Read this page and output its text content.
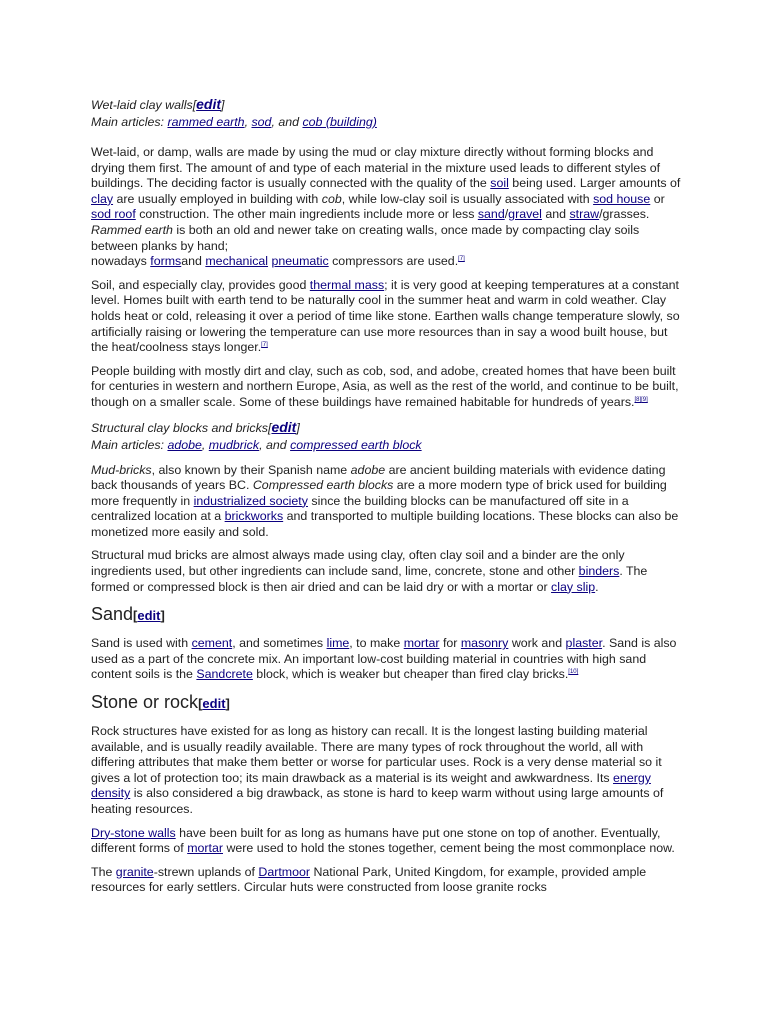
Wet-laid clay walls[edit]
Main articles: rammed earth, sod, and cob (building)

Wet-laid, or damp, walls are made by using the mud or clay mixture directly without forming blocks and drying them first. The amount of and type of each material in the mixture used leads to different styles of buildings. The deciding factor is usually connected with the quality of the soil being used. Larger amounts of clay are usually employed in building with cob, while low-clay soil is usually associated with sod house or sod roof construction. The other main ingredients include more or less sand/gravel and straw/grasses. Rammed earth is both an old and newer take on creating walls, once made by compacting clay soils between planks by hand;
nowadays formsand mechanical pneumatic compressors are used.[7]

Soil, and especially clay, provides good thermal mass; it is very good at keeping temperatures at a constant level. Homes built with earth tend to be naturally cool in the summer heat and warm in cold weather. Clay holds heat or cold, releasing it over a period of time like stone. Earthen walls change temperature slowly, so artificially raising or lowering the temperature can use more resources than in say a wood built house, but the heat/coolness stays longer.[7]

People building with mostly dirt and clay, such as cob, sod, and adobe, created homes that have been built for centuries in western and northern Europe, Asia, as well as the rest of the world, and continue to be built, though on a smaller scale. Some of these buildings have remained habitable for hundreds of years.[8][9]

Structural clay blocks and bricks[edit]
Main articles: adobe, mudbrick, and compressed earth block

Mud-bricks, also known by their Spanish name adobe are ancient building materials with evidence dating back thousands of years BC. Compressed earth blocks are a more modern type of brick used for building more frequently in industrialized society since the building blocks can be manufactured off site in a centralized location at a brickworks and transported to multiple building locations. These blocks can also be monetized more easily and sold.

Structural mud bricks are almost always made using clay, often clay soil and a binder are the only ingredients used, but other ingredients can include sand, lime, concrete, stone and other binders. The formed or compressed block is then air dried and can be laid dry or with a mortar or clay slip.

Sand[edit]

Sand is used with cement, and sometimes lime, to make mortar for masonry work and plaster. Sand is also used as a part of the concrete mix. An important low-cost building material in countries with high sand content soils is the Sandcrete block, which is weaker but cheaper than fired clay bricks.[10]

Stone or rock[edit]

Rock structures have existed for as long as history can recall. It is the longest lasting building material available, and is usually readily available. There are many types of rock throughout the world, all with differing attributes that make them better or worse for particular uses. Rock is a very dense material so it gives a lot of protection too; its main drawback as a material is its weight and awkwardness. Its energy density is also considered a big drawback, as stone is hard to keep warm without using large amounts of heating resources.

Dry-stone walls have been built for as long as humans have put one stone on top of another. Eventually, different forms of mortar were used to hold the stones together, cement being the most commonplace now.

The granite-strewn uplands of Dartmoor National Park, United Kingdom, for example, provided ample resources for early settlers. Circular huts were constructed from loose granite rocks
